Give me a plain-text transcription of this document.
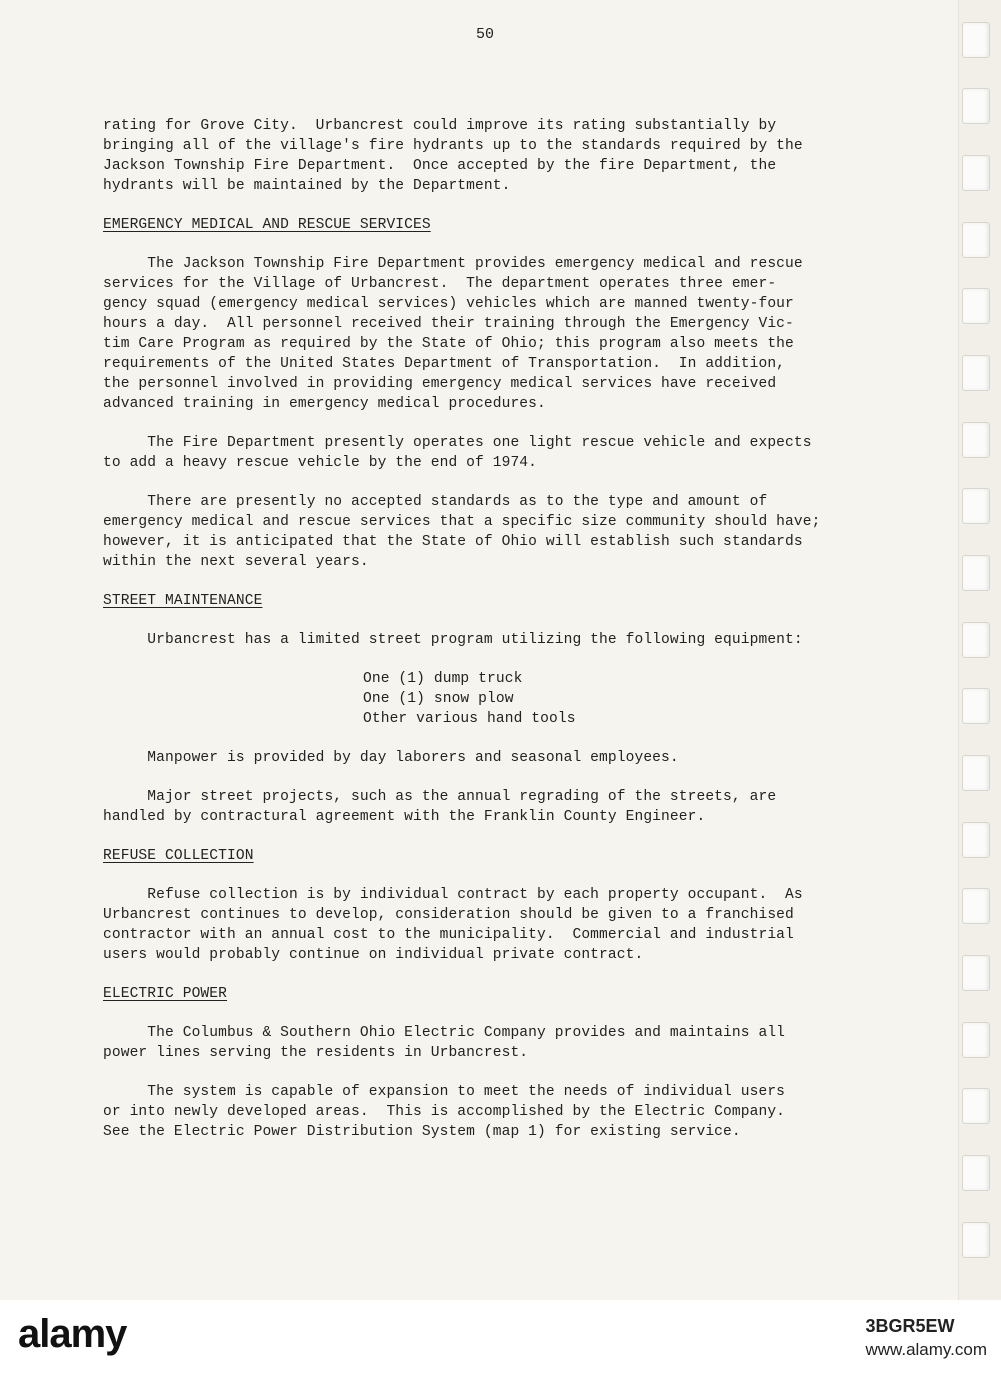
50
rating for Grove City.  Urbancrest could improve its rating substantially by
bringing all of the village's fire hydrants up to the standards required by the
Jackson Township Fire Department.  Once accepted by the fire Department, the
hydrants will be maintained by the Department.
EMERGENCY MEDICAL AND RESCUE SERVICES
The Jackson Township Fire Department provides emergency medical and rescue
services for the Village of Urbancrest.  The department operates three emer-
gency squad (emergency medical services) vehicles which are manned twenty-four
hours a day.  All personnel received their training through the Emergency Vic-
tim Care Program as required by the State of Ohio; this program also meets the
requirements of the United States Department of Transportation.  In addition,
the personnel involved in providing emergency medical services have received
advanced training in emergency medical procedures.
The Fire Department presently operates one light rescue vehicle and expects
to add a heavy rescue vehicle by the end of 1974.
There are presently no accepted standards as to the type and amount of
emergency medical and rescue services that a specific size community should have;
however, it is anticipated that the State of Ohio will establish such standards
within the next several years.
STREET MAINTENANCE
Urbancrest has a limited street program utilizing the following equipment:
One (1) dump truck
One (1) snow plow
Other various hand tools
Manpower is provided by day laborers and seasonal employees.
Major street projects, such as the annual regrading of the streets, are
handled by contractural agreement with the Franklin County Engineer.
REFUSE COLLECTION
Refuse collection is by individual contract by each property occupant.  As
Urbancrest continues to develop, consideration should be given to a franchised
contractor with an annual cost to the municipality.  Commercial and industrial
users would probably continue on individual private contract.
ELECTRIC POWER
The Columbus & Southern Ohio Electric Company provides and maintains all
power lines serving the residents in Urbancrest.
The system is capable of expansion to meet the needs of individual users
or into newly developed areas.  This is accomplished by the Electric Company.
See the Electric Power Distribution System (map 1) for existing service.
alamy	3BGR5EW
www.alamy.com
